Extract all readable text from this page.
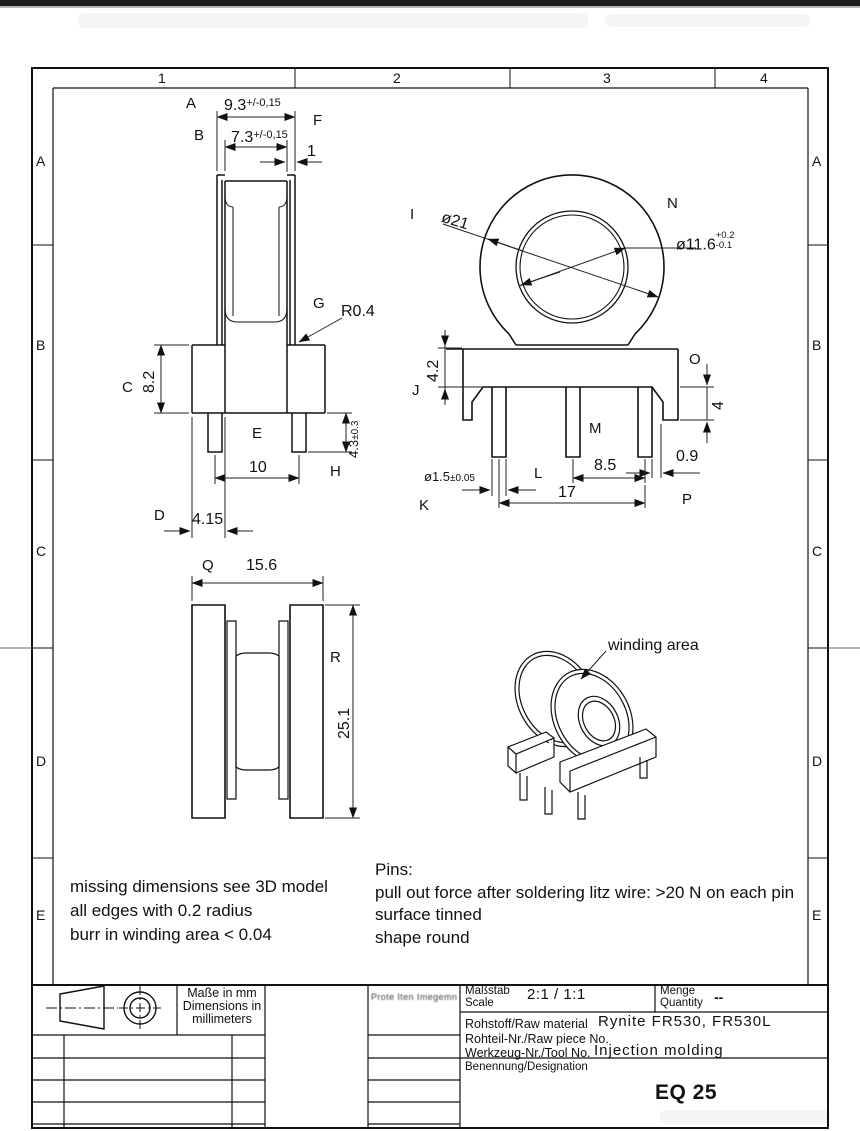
1	2	3	4
A
B
C
D
E
A
B
C
D
E
A $9.3^{+/-0,15}$
B $7.3^{+/-0,15}$
F
1
G R0.4
C 8.2
E
10	H
4.3±0.3
D 4.15
I ø21
N
ø11.6+0.2
-0.1
4.2
J
O
4
M
8.5
0.9
ø1.5±0.05	L
17
K	P
Q 15.6
R
25.1
winding area
missing dimensions see 3D model
all edges with 0.2 radius
burr in winding area < 0.04
Pins:
pull out force after soldering litz wire: >20 N on each pin
surface tinned
shape round
Maße in mm
Dimensions in
millimeters
Prote Iten Imegemn Maßstab
Scale 2:1 / 1:1	Menge
Quantity --
Rohstoff/Raw material Rynite FR530, FR530L
Rohteil-Nr./Raw piece No.
Werkzeug-Nr./Tool No. Injection molding
Benennung/Designation
EQ 25
